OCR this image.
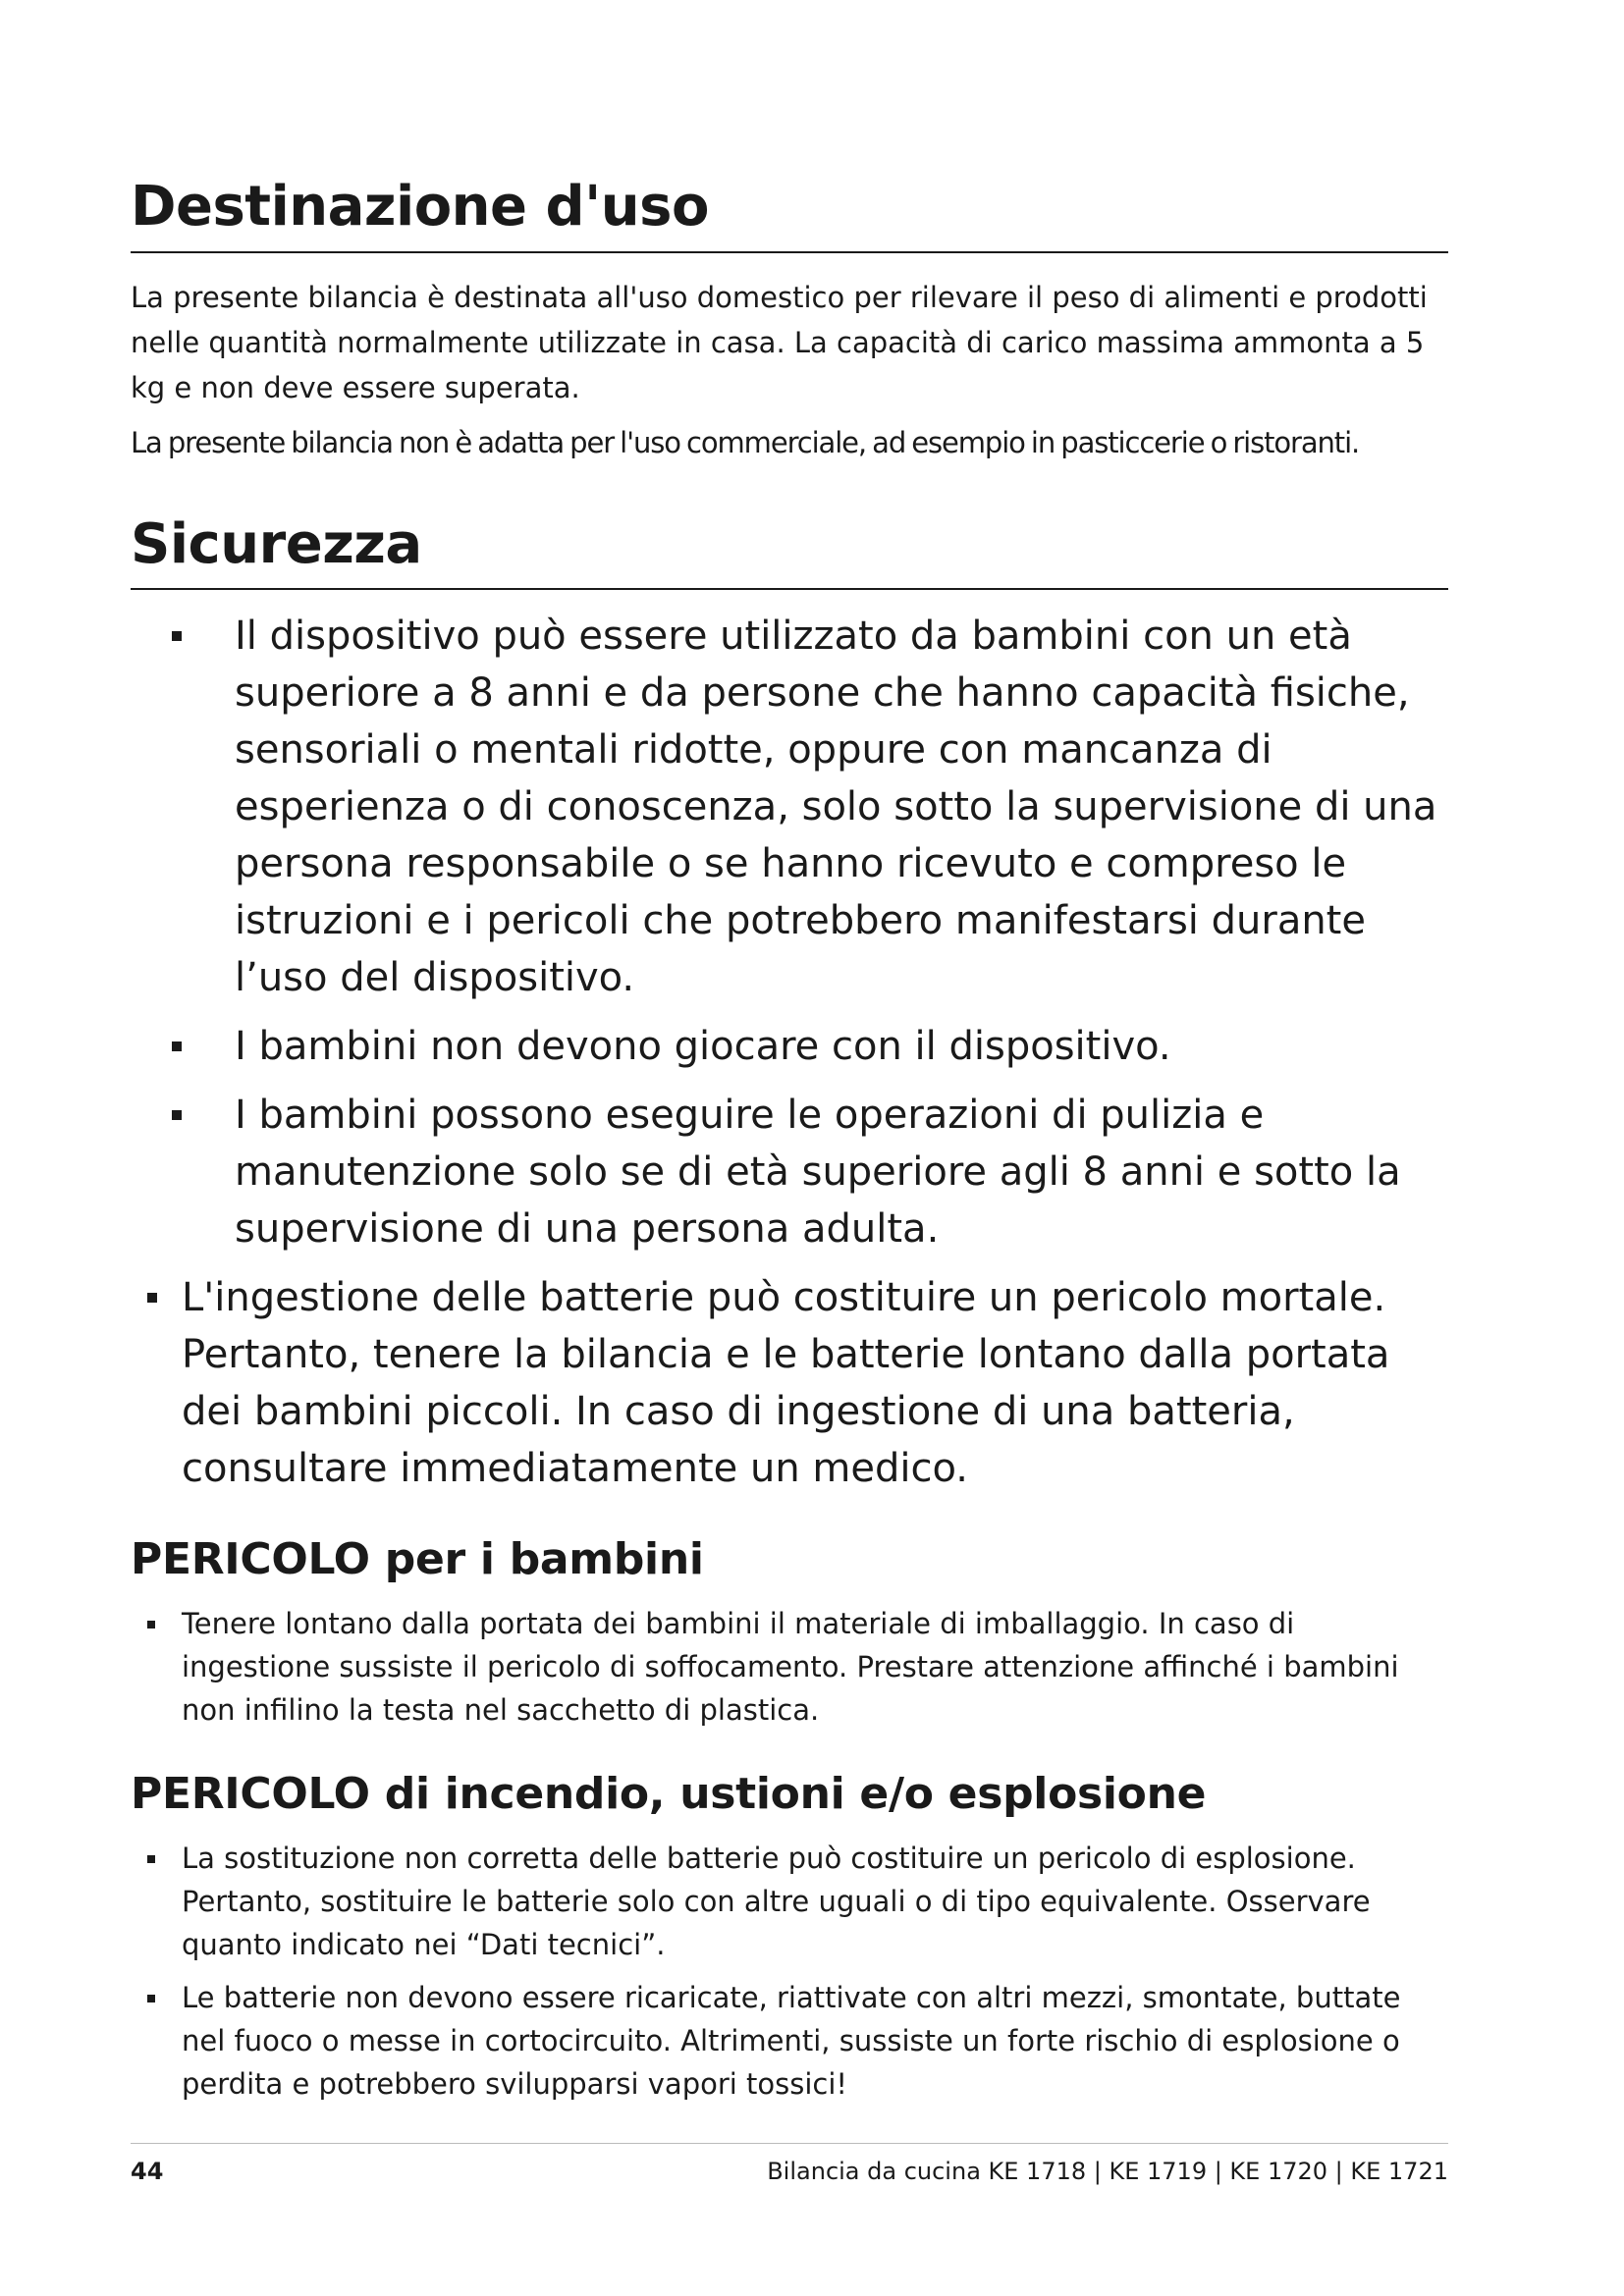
Destinazione d'uso

La presente bilancia è destinata all'uso domestico per rilevare il peso di alimenti e prodotti nelle quantità normalmente utilizzate in casa. La capacità di carico massima ammonta a 5 kg e non deve essere superata.

La presente bilancia non è adatta per l'uso commerciale, ad esempio in pasticcerie o ristoranti.

Sicurezza
Il dispositivo può essere utilizzato da bambini con un età superiore a 8 anni e da persone che hanno capacità fisiche, sensoriali o mentali ridotte, oppure con mancanza di esperienza o di conoscenza, solo sotto la supervisione di una persona responsabile o se hanno ricevuto e compreso le istruzioni e i pericoli che potrebbero manifestarsi durante l’uso del dispositivo.
I bambini non devono giocare con il dispositivo.
I bambini possono eseguire le operazioni di pulizia e manutenzione solo se di età superiore agli 8 anni e sotto la supervisione di una persona adulta.
L'ingestione delle batterie può costituire un pericolo mortale. Pertanto, tenere la bilancia e le batterie lontano dalla portata dei bambini piccoli. In caso di ingestione di una batteria, consultare immediatamente un medico.
PERICOLO per i bambini
Tenere lontano dalla portata dei bambini il materiale di imballaggio. In caso di ingestione sussiste il pericolo di soffocamento. Prestare attenzione affinché i bambini non infilino la testa nel sacchetto di plastica.
PERICOLO di incendio, ustioni e/o esplosione
La sostituzione non corretta delle batterie può costituire un pericolo di esplosione. Pertanto, sostituire le batterie solo con altre uguali o di tipo equivalente. Osservare quanto indicato nei “Dati tecnici”.
Le batterie non devono essere ricaricate, riattivate con altri mezzi, smontate, buttate nel fuoco o messe in cortocircuito. Altrimenti, sussiste un forte rischio di esplosione o perdita e potrebbero svilupparsi vapori tossici!
44	Bilancia da cucina KE 1718 | KE 1719 | KE 1720 | KE 1721
